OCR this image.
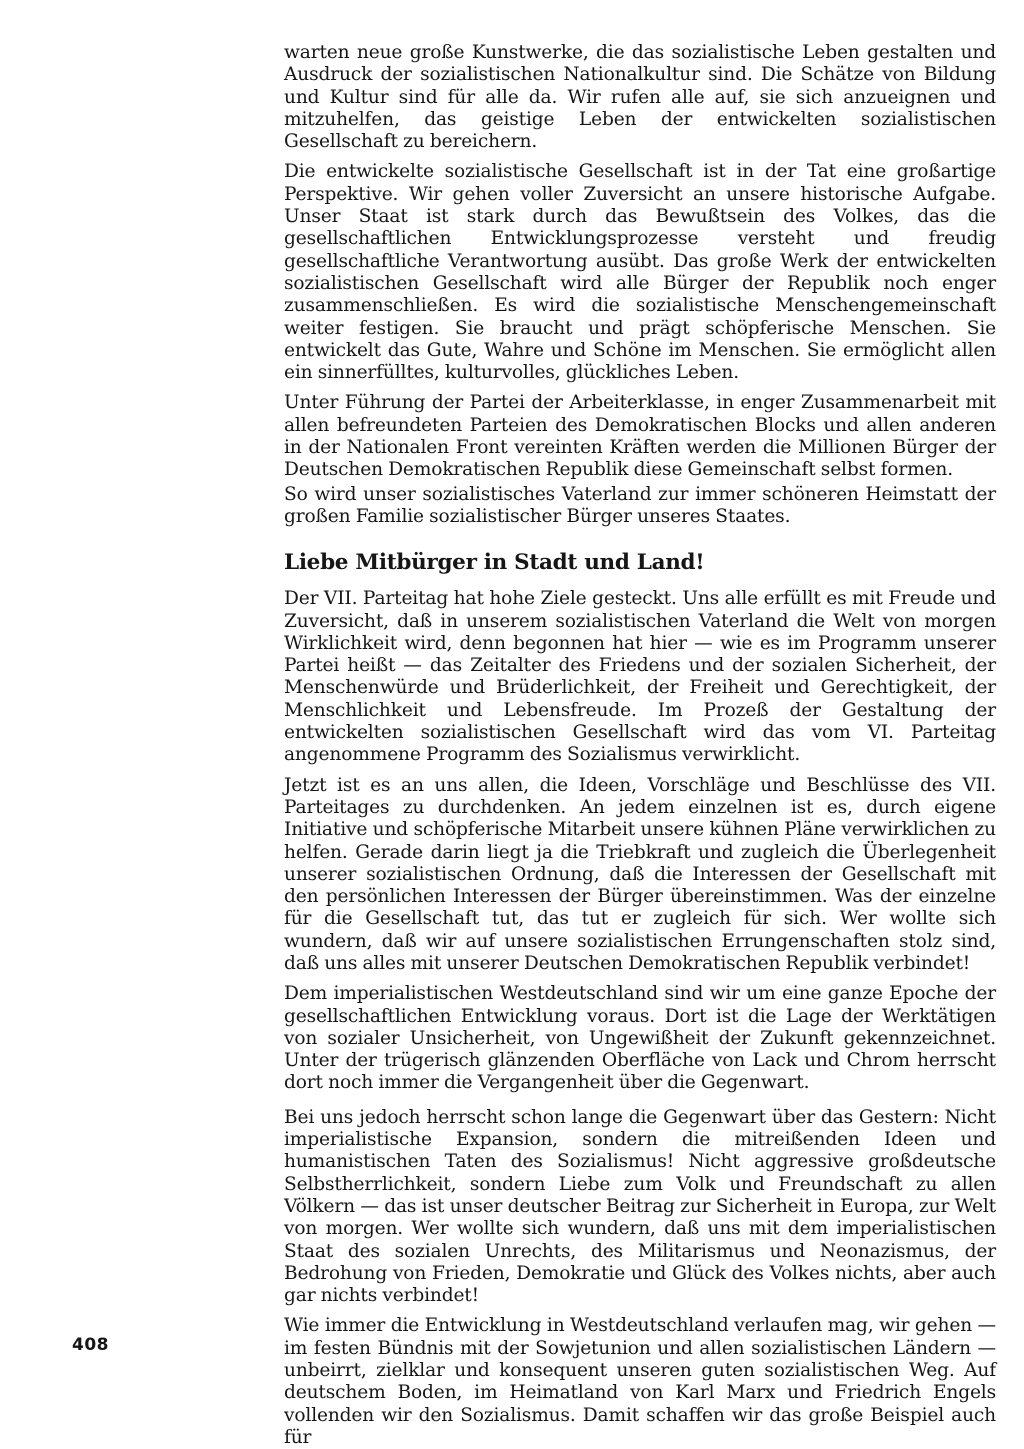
warten neue große Kunstwerke, die das sozialistische Leben gestalten und Ausdruck der sozialistischen Nationalkultur sind. Die Schätze von Bildung und Kultur sind für alle da. Wir rufen alle auf, sie sich anzueignen und mitzuhelfen, das geistige Leben der entwickelten sozialistischen Gesellschaft zu bereichern.

Die entwickelte sozialistische Gesellschaft ist in der Tat eine großartige Perspektive. Wir gehen voller Zuversicht an unsere historische Aufgabe. Unser Staat ist stark durch das Bewußtsein des Volkes, das die gesellschaftlichen Entwicklungsprozesse versteht und freudig gesellschaftliche Verantwortung ausübt. Das große Werk der entwickelten sozialistischen Gesellschaft wird alle Bürger der Republik noch enger zusammenschließen. Es wird die sozialistische Menschengemeinschaft weiter festigen. Sie braucht und prägt schöpferische Menschen. Sie entwickelt das Gute, Wahre und Schöne im Menschen. Sie ermöglicht allen ein sinnerfülltes, kulturvolles, glückliches Leben.

Unter Führung der Partei der Arbeiterklasse, in enger Zusammenarbeit mit allen befreundeten Parteien des Demokratischen Blocks und allen anderen in der Nationalen Front vereinten Kräften werden die Millionen Bürger der Deutschen Demokratischen Republik diese Gemeinschaft selbst formen.

So wird unser sozialistisches Vaterland zur immer schöneren Heimstatt der großen Familie sozialistischer Bürger unseres Staates.

Liebe Mitbürger in Stadt und Land!

Der VII. Parteitag hat hohe Ziele gesteckt. Uns alle erfüllt es mit Freude und Zuversicht, daß in unserem sozialistischen Vaterland die Welt von morgen Wirklichkeit wird, denn begonnen hat hier — wie es im Programm unserer Partei heißt — das Zeitalter des Friedens und der sozialen Sicherheit, der Menschenwürde und Brüderlichkeit, der Freiheit und Gerechtigkeit, der Menschlichkeit und Lebensfreude. Im Prozeß der Gestaltung der entwickelten sozialistischen Gesellschaft wird das vom VI. Parteitag angenommene Programm des Sozialismus verwirklicht.

Jetzt ist es an uns allen, die Ideen, Vorschläge und Beschlüsse des VII. Parteitages zu durchdenken. An jedem einzelnen ist es, durch eigene Initiative und schöpferische Mitarbeit unsere kühnen Pläne verwirklichen zu helfen. Gerade darin liegt ja die Triebkraft und zugleich die Überlegenheit unserer sozialistischen Ordnung, daß die Interessen der Gesellschaft mit den persönlichen Interessen der Bürger übereinstimmen. Was der einzelne für die Gesellschaft tut, das tut er zugleich für sich. Wer wollte sich wundern, daß wir auf unsere sozialistischen Errungenschaften stolz sind, daß uns alles mit unserer Deutschen Demokratischen Republik verbindet!

Dem imperialistischen Westdeutschland sind wir um eine ganze Epoche der gesellschaftlichen Entwicklung voraus. Dort ist die Lage der Werktätigen von sozialer Unsicherheit, von Ungewißheit der Zukunft gekennzeichnet. Unter der trügerisch glänzenden Oberfläche von Lack und Chrom herrscht dort noch immer die Vergangenheit über die Gegenwart.

Bei uns jedoch herrscht schon lange die Gegenwart über das Gestern: Nicht imperialistische Expansion, sondern die mitreißenden Ideen und humanistischen Taten des Sozialismus! Nicht aggressive großdeutsche Selbstherrlichkeit, sondern Liebe zum Volk und Freundschaft zu allen Völkern — das ist unser deutscher Beitrag zur Sicherheit in Europa, zur Welt von morgen. Wer wollte sich wundern, daß uns mit dem imperialistischen Staat des sozialen Unrechts, des Militarismus und Neonazismus, der Bedrohung von Frieden, Demokratie und Glück des Volkes nichts, aber auch gar nichts verbindet!

Wie immer die Entwicklung in Westdeutschland verlaufen mag, wir gehen — im festen Bündnis mit der Sowjetunion und allen sozialistischen Ländern — unbeirrt, zielklar und konsequent unseren guten sozialistischen Weg. Auf deutschem Boden, im Heimatland von Karl Marx und Friedrich Engels vollenden wir den Sozialismus. Damit schaffen wir das große Beispiel auch für

408
